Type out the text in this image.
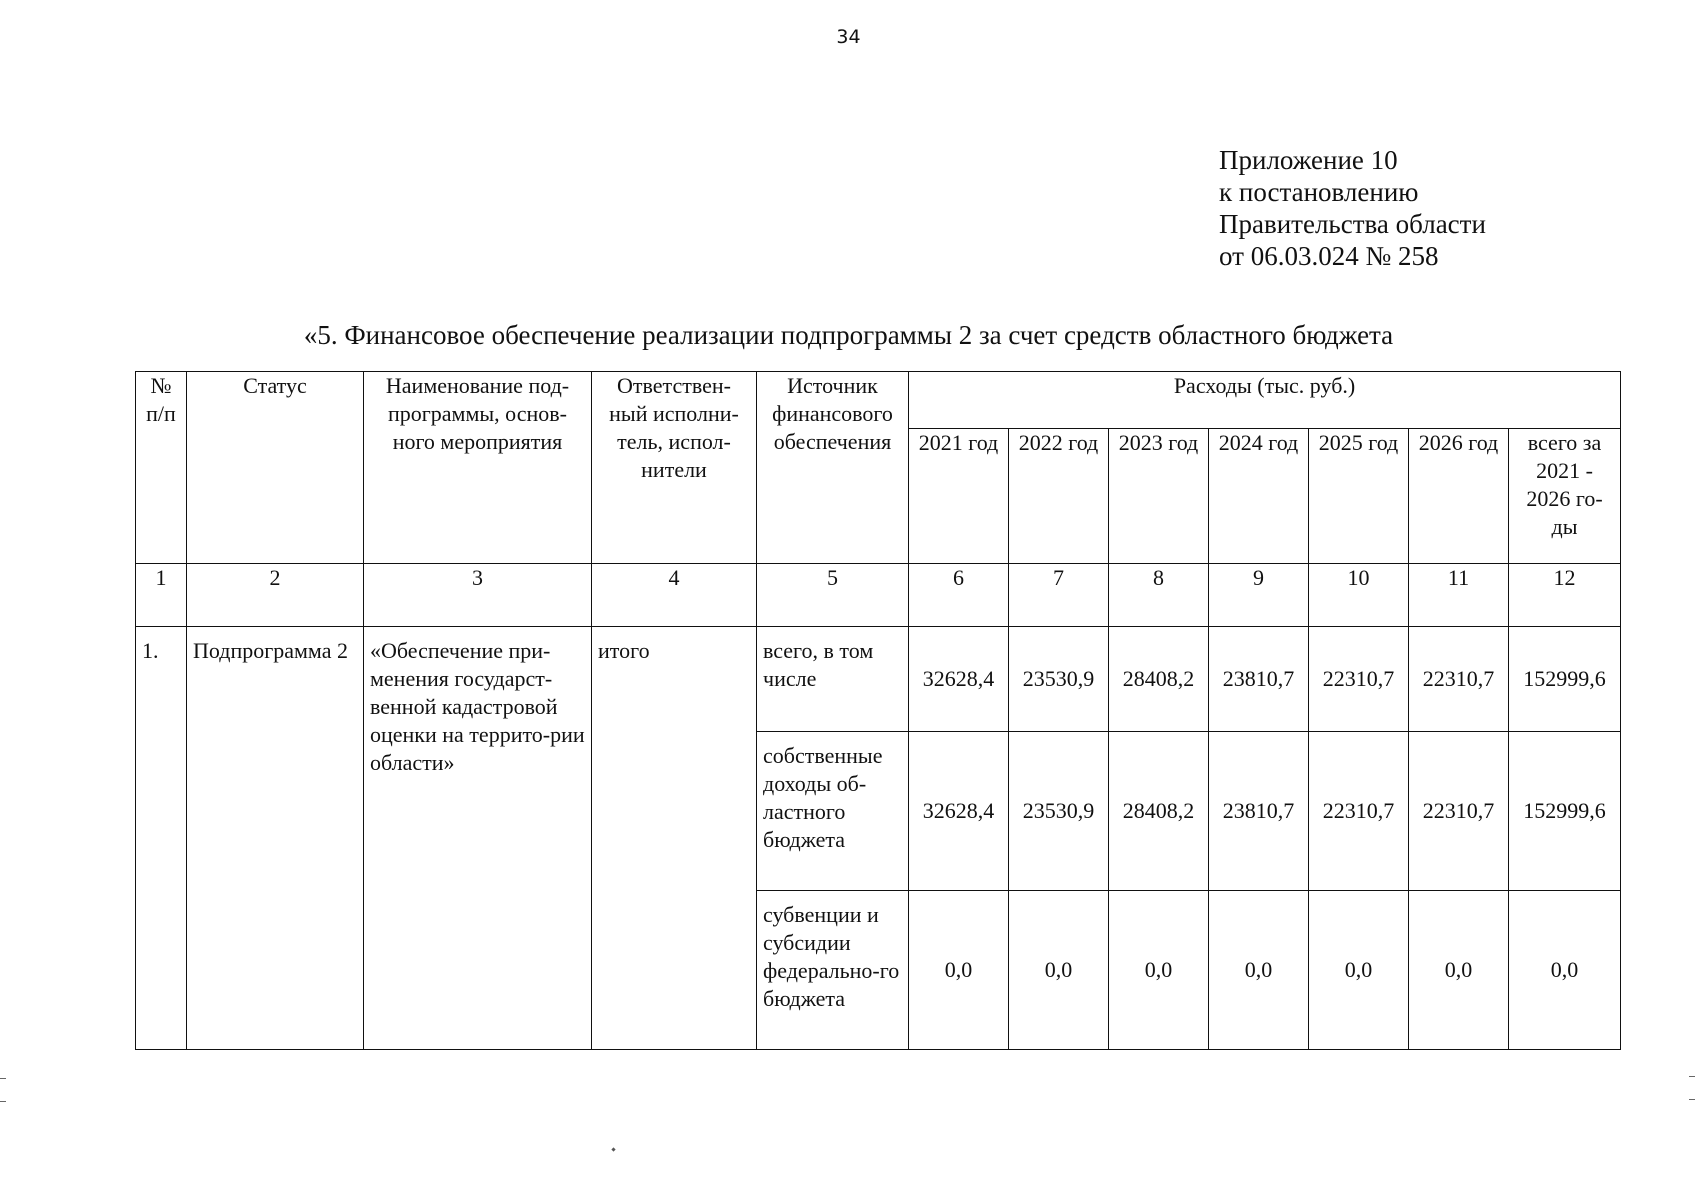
34
Приложение 10
к постановлению
Правительства области
от 06.03.024 № 258
«5. Финансовое обеспечение реализации подпрограммы 2 за счет средств областного бюджета
№ п/п	Статус	Наименование под-программы, основ-ного мероприятия	Ответствен-ный исполни-тель, испол-нители	Источник финансового обеспечения	Расходы (тыс. руб.)						
					2021 год	2022 год	2023 год	2024 год	2025 год	2026 год	всего за 2021 - 2026 го-ды
1	2	3	4	5	6	7	8	9	10	11	12
1.	Подпрограмма 2	«Обеспечение при-менения государст-венной кадастровой оценки на террито-рии области»	итого	всего, в том числе	32628,4	23530,9	28408,2	23810,7	22310,7	22310,7	152999,6
				собственные доходы об-ластного бюджета	32628,4	23530,9	28408,2	23810,7	22310,7	22310,7	152999,6
				субвенции и субсидии федерально-го бюджета	0,0	0,0	0,0	0,0	0,0	0,0	0,0
